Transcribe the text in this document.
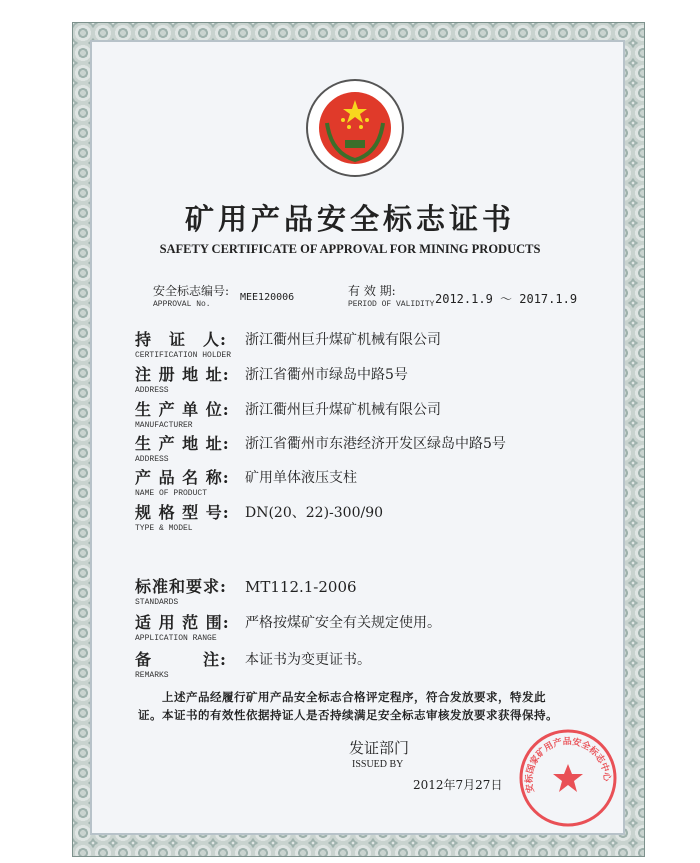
矿用产品安全标志证书
SAFETY CERTIFICATE OF APPROVAL FOR MINING PRODUCTS
安全标志编号:
APPROVAL No.
MEE120006	有 效 期:
PERIOD OF VALIDITY 2012.1.9 ～ 2017.1.9
持　证　人:
CERTIFICATION HOLDER
浙江衢州巨升煤矿机械有限公司
注 册 地 址:
ADDRESS
浙江省衢州市绿岛中路5号
生 产 单 位:
MANUFACTURER
浙江衢州巨升煤矿机械有限公司
生 产 地 址:
ADDRESS
浙江省衢州市东港经济开发区绿岛中路5号
产 品 名 称:
NAME OF PRODUCT
矿用单体液压支柱
规 格 型 号:
TYPE & MODEL
DN(20、22)-300/90
标准和要求:
STANDARDS
MT112.1-2006
适 用 范 围:
APPLICATION RANGE
严格按煤矿安全有关规定使用。
备　　　注:
REMARKS
本证书为变更证书。
上述产品经履行矿用产品安全标志合格评定程序，符合发放要求，特发此
证。本证书的有效性依据持证人是否持续满足安全标志审核发放要求获得保持。
发证部门
ISSUED BY
2012年7月27日	安标国家矿用产品安全标志中心
